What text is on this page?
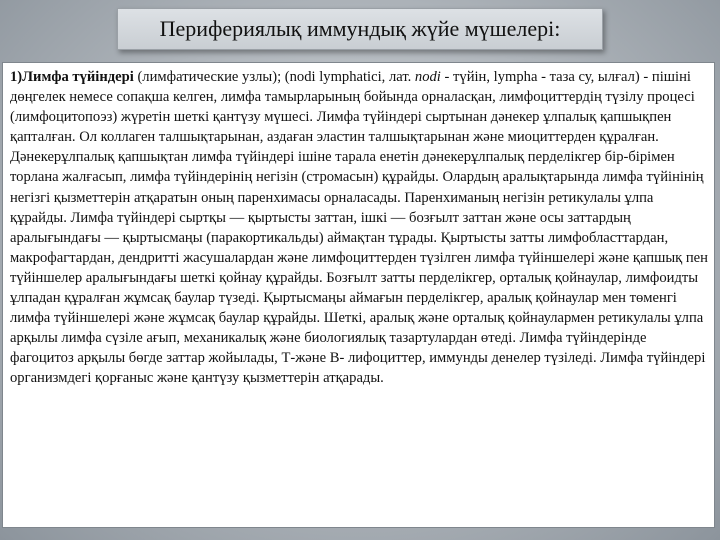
Перифериялық иммундық жүйе мүшелері:

1)Лимфа түйіндері (лимфатические узлы); (nodi lymphatici, лат. nodi - түйін, lympha - таза су, ылғал) - пішіні дөңгелек немесе сопақша келген, лимфа тамырларының бойында орналасқан, лимфоциттердің түзілу процесі (лимфоцитопоэз) жүретін шеткі қантүзу мүшесі. Лимфа түйіндері сыртынан дәнекер ұлпалық қапшықпен қапталған. Ол коллаген талшықтарынан, аздаған эластин талшықтарынан және миоциттерден құралған. Дәнекерұлпалық қапшықтан лимфа түйіндері ішіне тарала енетін дәнекерұлпалық перделікгер бір-бірімен торлана жалғасып, лимфа түйіндерінің негізін (стромасын) құрайды. Олардың аралықтарында лимфа түйінінің негізгі қызметтерін атқаратын оның паренхимасы орналасады. Паренхиманың негізін ретикулалы ұлпа құрайды. Лимфа түйіндері сыртқы — қыртысты заттан, ішкі — бозғылт заттан және осы заттардың аралығындағы — қыртысмаңы (паракортикальды) аймақтан тұрады. Қыртысты затты лимфобласттардан, макрофагтардан, дендритті жасушалардан және лимфоциттерден түзілген лимфа түйіншелері және қапшық пен түйіншелер аралығындағы шеткі қойнау құрайды. Бозғылт затты перделікгер, орталық қойнаулар, лимфоидты ұлпадан құралған жұмсақ баулар түзеді. Қыртысмаңы аймағын перделікгер, аралық қойнаулар мен төменгі лимфа түйіншелері және жұмсақ баулар құрайды. Шеткі, аралық және орталық қойнаулармен ретикулалы ұлпа арқылы лимфа сүзіле ағып, механикалық және биологиялық тазартулардан өтеді. Лимфа түйіндерінде фагоцитоз арқылы бөгде заттар жойылады, Т-және В- лифоциттер, иммунды денелер түзіледі. Лимфа түйіндері организмдегі қорғаныс және қантүзу қызметтерін атқарады.
